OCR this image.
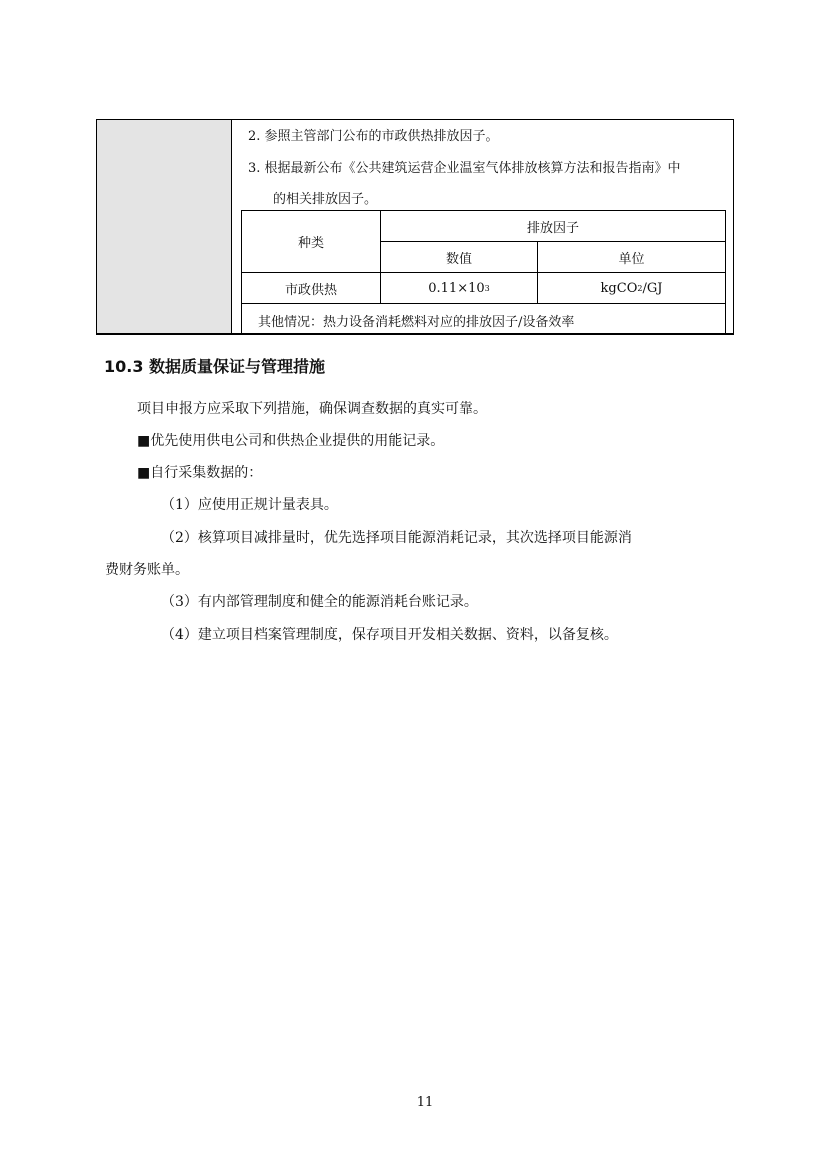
2. 参照主管部门公布的市政供热排放因子。
3. 根据最新公布《公共建筑运营企业温室气体排放核算方法和报告指南》中
的相关排放因子。
种类
排放因子
数值	单位
市政供热	0.11×10 3	kgCO 2 /GJ
其他情况：热力设备消耗燃料对应的排放因子/设备效率
10.3 数据质量保证与管理措施
项目申报方应采取下列措施，确保调查数据的真实可靠。
■优先使用供电公司和供热企业提供的用能记录。
■自行采集数据的：
（1）应使用正规计量表具。
（2）核算项目减排量时，优先选择项目能源消耗记录，其次选择项目能源消
费财务账单。
（3）有内部管理制度和健全的能源消耗台账记录。
（4）建立项目档案管理制度，保存项目开发相关数据、资料，以备复核。
11
